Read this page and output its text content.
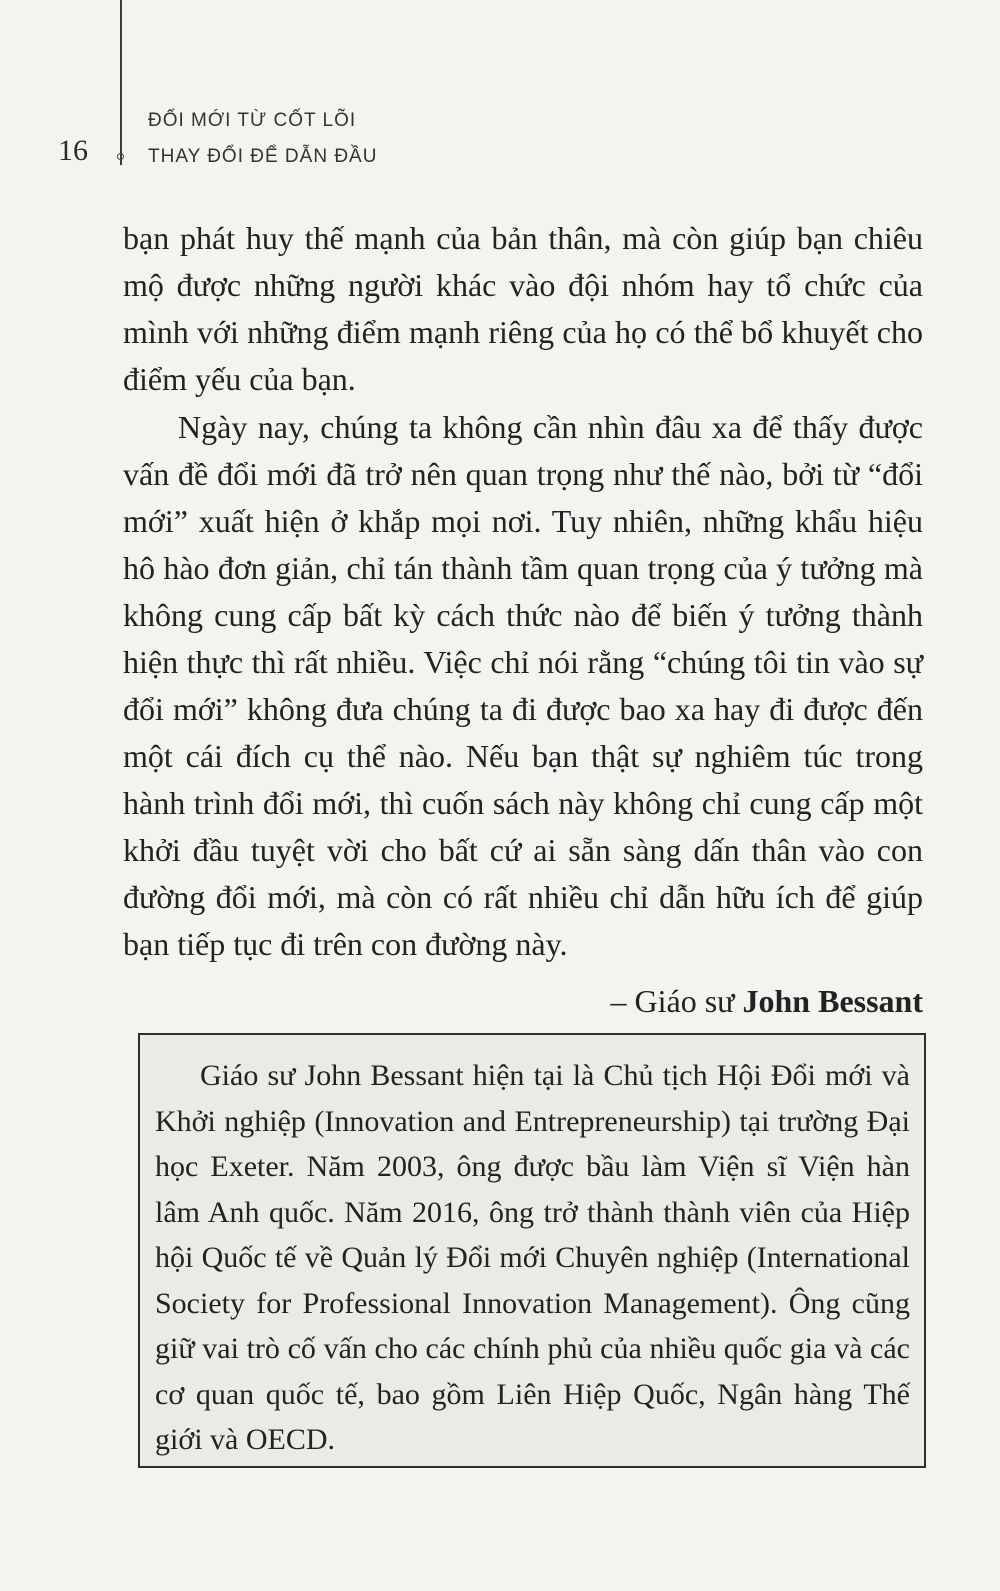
16
ĐỔI MỚI TỪ CỐT LÕI
THAY ĐỔI ĐỂ DẪN ĐẦU

bạn phát huy thế mạnh của bản thân, mà còn giúp bạn chiêu mộ được những người khác vào đội nhóm hay tổ chức của mình với những điểm mạnh riêng của họ có thể bổ khuyết cho điểm yếu của bạn.

Ngày nay, chúng ta không cần nhìn đâu xa để thấy được vấn đề đổi mới đã trở nên quan trọng như thế nào, bởi từ “đổi mới” xuất hiện ở khắp mọi nơi. Tuy nhiên, những khẩu hiệu hô hào đơn giản, chỉ tán thành tầm quan trọng của ý tưởng mà không cung cấp bất kỳ cách thức nào để biến ý tưởng thành hiện thực thì rất nhiều. Việc chỉ nói rằng “chúng tôi tin vào sự đổi mới” không đưa chúng ta đi được bao xa hay đi được đến một cái đích cụ thể nào. Nếu bạn thật sự nghiêm túc trong hành trình đổi mới, thì cuốn sách này không chỉ cung cấp một khởi đầu tuyệt vời cho bất cứ ai sẵn sàng dấn thân vào con đường đổi mới, mà còn có rất nhiều chỉ dẫn hữu ích để giúp bạn tiếp tục đi trên con đường này.

– Giáo sư John Bessant

Giáo sư John Bessant hiện tại là Chủ tịch Hội Đổi mới và Khởi nghiệp (Innovation and Entrepreneurship) tại trường Đại học Exeter. Năm 2003, ông được bầu làm Viện sĩ Viện hàn lâm Anh quốc. Năm 2016, ông trở thành thành viên của Hiệp hội Quốc tế về Quản lý Đổi mới Chuyên nghiệp (International Society for Professional Innovation Management). Ông cũng giữ vai trò cố vấn cho các chính phủ của nhiều quốc gia và các cơ quan quốc tế, bao gồm Liên Hiệp Quốc, Ngân hàng Thế giới và OECD.
